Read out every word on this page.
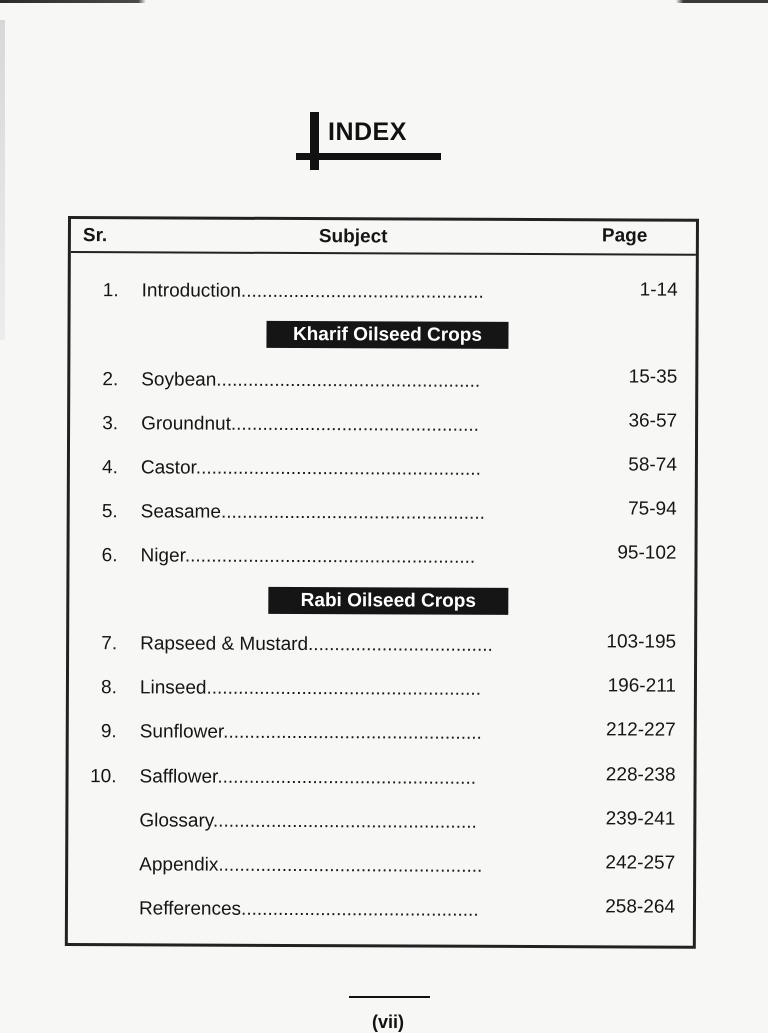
INDEX
Sr.	Subject	Page
1. Introduction..............................................	1-14
Kharif Oilseed Crops
2. Soybean..................................................	15-35
3. Groundnut...............................................	36-57
4. Castor......................................................	58-74
5. Seasame..................................................	75-94
6. Niger.......................................................	95-102
Rabi Oilseed Crops
7. Rapseed & Mustard...................................	103-195
8. Linseed....................................................	196-211
9. Sunflower.................................................	212-227
10. Safflower.................................................	228-238
Glossary..................................................	239-241
Appendix..................................................	242-257
Refferences.............................................	258-264
(vii)
